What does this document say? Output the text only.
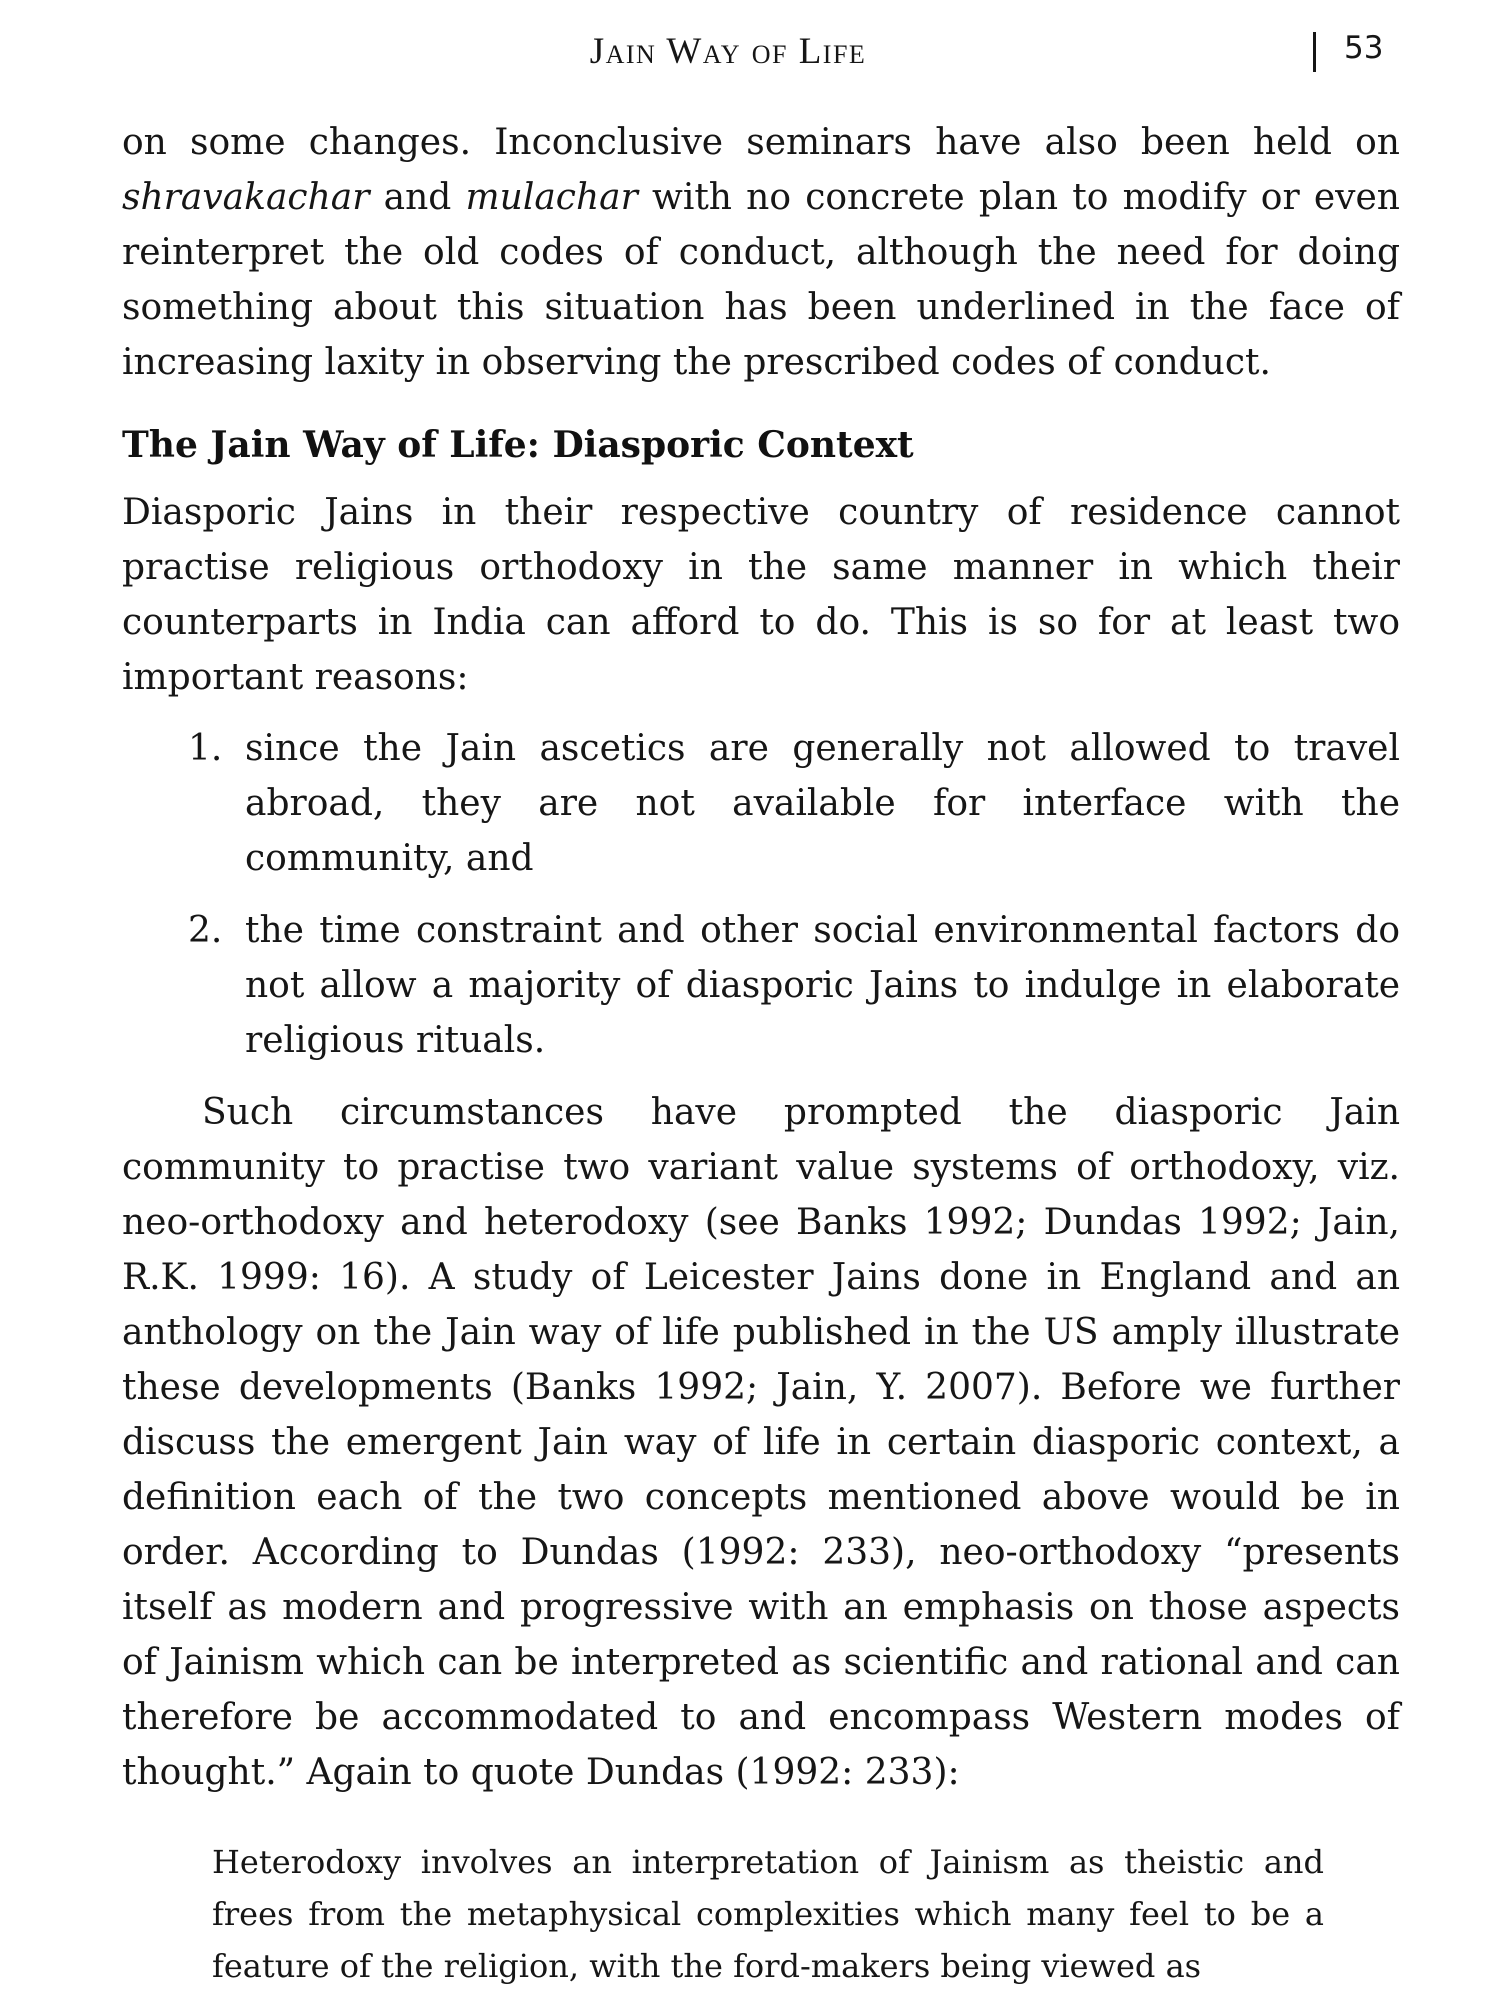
Jain Way of Life	53

on some changes. Inconclusive seminars have also been held on shravakachar and mulachar with no concrete plan to modify or even reinterpret the old codes of conduct, although the need for doing something about this situation has been underlined in the face of increasing laxity in observing the prescribed codes of conduct.

The Jain Way of Life: Diasporic Context

Diasporic Jains in their respective country of residence cannot practise religious orthodoxy in the same manner in which their counterparts in India can afford to do. This is so for at least two important reasons:

1. since the Jain ascetics are generally not allowed to travel abroad, they are not available for interface with the community, and
2. the time constraint and other social environmental factors do not allow a majority of diasporic Jains to indulge in elaborate religious rituals.

Such circumstances have prompted the diasporic Jain community to practise two variant value systems of orthodoxy, viz. neo-orthodoxy and heterodoxy (see Banks 1992; Dundas 1992; Jain, R.K. 1999: 16). A study of Leicester Jains done in England and an anthology on the Jain way of life published in the US amply illustrate these developments (Banks 1992; Jain, Y. 2007). Before we further discuss the emergent Jain way of life in certain diasporic context, a definition each of the two concepts mentioned above would be in order. According to Dundas (1992: 233), neo-orthodoxy “presents itself as modern and progressive with an emphasis on those aspects of Jainism which can be interpreted as scientific and rational and can therefore be accommodated to and encompass Western modes of thought.” Again to quote Dundas (1992: 233):

Heterodoxy involves an interpretation of Jainism as theistic and frees from the metaphysical complexities which many feel to be a feature of the religion, with the ford-makers being viewed as
